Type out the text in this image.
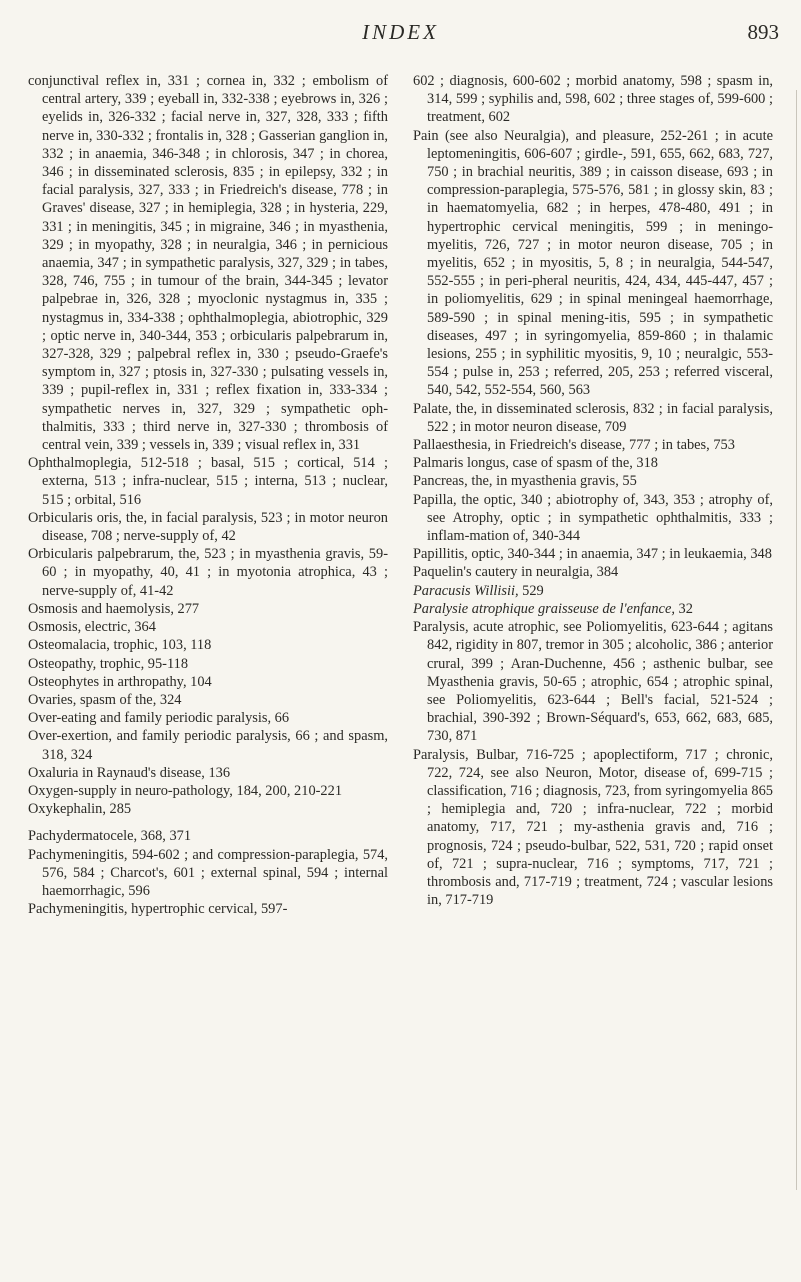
INDEX	893

conjunctival reflex in, 331 ; cornea in, 332 ; embolism of central artery, 339 ; eyeball in, 332-338 ; eyebrows in, 326 ; eyelids in, 326-332 ; facial nerve in, 327, 328, 333 ; fifth nerve in, 330-332 ; frontalis in, 328 ; Gasserian ganglion in, 332 ; in anaemia, 346-348 ; in chlorosis, 347 ; in chorea, 346 ; in disseminated sclerosis, 835 ; in epilepsy, 332 ; in facial paralysis, 327, 333 ; in Friedreich's disease, 778 ; in Graves' disease, 327 ; in hemiplegia, 328 ; in hysteria, 229, 331 ; in meningitis, 345 ; in migraine, 346 ; in myasthenia, 329 ; in myopathy, 328 ; in neuralgia, 346 ; in pernicious anaemia, 347 ; in sympathetic paralysis, 327, 329 ; in tabes, 328, 746, 755 ; in tumour of the brain, 344-345 ; levator palpebrae in, 326, 328 ; myoclonic nystagmus in, 335 ; nystagmus in, 334-338 ; ophthalmoplegia, abiotrophic, 329 ; optic nerve in, 340-344, 353 ; orbicularis palpebrarum in, 327-328, 329 ; palpebral reflex in, 330 ; pseudo-Graefe's symptom in, 327 ; ptosis in, 327-330 ; pulsating vessels in, 339 ; pupil-reflex in, 331 ; reflex fixation in, 333-334 ; sympathetic nerves in, 327, 329 ; sympathetic oph-thalmitis, 333 ; third nerve in, 327-330 ; thrombosis of central vein, 339 ; vessels in, 339 ; visual reflex in, 331

Ophthalmoplegia, 512-518 ; basal, 515 ; cortical, 514 ; externa, 513 ; infra-nuclear, 515 ; interna, 513 ; nuclear, 515 ; orbital, 516

Orbicularis oris, the, in facial paralysis, 523 ; in motor neuron disease, 708 ; nerve-supply of, 42

Orbicularis palpebrarum, the, 523 ; in myasthenia gravis, 59-60 ; in myopathy, 40, 41 ; in myotonia atrophica, 43 ; nerve-supply of, 41-42

Osmosis and haemolysis, 277

Osmosis, electric, 364

Osteomalacia, trophic, 103, 118

Osteopathy, trophic, 95-118

Osteophytes in arthropathy, 104

Ovaries, spasm of the, 324

Over-eating and family periodic paralysis, 66

Over-exertion, and family periodic paralysis, 66 ; and spasm, 318, 324

Oxaluria in Raynaud's disease, 136

Oxygen-supply in neuro-pathology, 184, 200, 210-221

Oxykephalin, 285

Pachydermatocele, 368, 371

Pachymeningitis, 594-602 ; and compression-paraplegia, 574, 576, 584 ; Charcot's, 601 ; external spinal, 594 ; internal haemorrhagic, 596

Pachymeningitis, hypertrophic cervical, 597-

602 ; diagnosis, 600-602 ; morbid anatomy, 598 ; spasm in, 314, 599 ; syphilis and, 598, 602 ; three stages of, 599-600 ; treatment, 602

Pain (see also Neuralgia), and pleasure, 252-261 ; in acute leptomeningitis, 606-607 ; girdle-, 591, 655, 662, 683, 727, 750 ; in brachial neuritis, 389 ; in caisson disease, 693 ; in compression-paraplegia, 575-576, 581 ; in glossy skin, 83 ; in haematomyelia, 682 ; in herpes, 478-480, 491 ; in hypertrophic cervical meningitis, 599 ; in meningo-myelitis, 726, 727 ; in motor neuron disease, 705 ; in myelitis, 652 ; in myositis, 5, 8 ; in neuralgia, 544-547, 552-555 ; in peri-pheral neuritis, 424, 434, 445-447, 457 ; in poliomyelitis, 629 ; in spinal meningeal haemorrhage, 589-590 ; in spinal mening-itis, 595 ; in sympathetic diseases, 497 ; in syringomyelia, 859-860 ; in thalamic lesions, 255 ; in syphilitic myositis, 9, 10 ; neuralgic, 553-554 ; pulse in, 253 ; referred, 205, 253 ; referred visceral, 540, 542, 552-554, 560, 563

Palate, the, in disseminated sclerosis, 832 ; in facial paralysis, 522 ; in motor neuron disease, 709

Pallaesthesia, in Friedreich's disease, 777 ; in tabes, 753

Palmaris longus, case of spasm of the, 318

Pancreas, the, in myasthenia gravis, 55

Papilla, the optic, 340 ; abiotrophy of, 343, 353 ; atrophy of, see Atrophy, optic ; in sympathetic ophthalmitis, 333 ; inflam-mation of, 340-344

Papillitis, optic, 340-344 ; in anaemia, 347 ; in leukaemia, 348

Paquelin's cautery in neuralgia, 384

Paracusis Willisii, 529

Paralysie atrophique graisseuse de l'enfance, 32

Paralysis, acute atrophic, see Poliomyelitis, 623-644 ; agitans 842, rigidity in 807, tremor in 305 ; alcoholic, 386 ; anterior crural, 399 ; Aran-Duchenne, 456 ; asthenic bulbar, see Myasthenia gravis, 50-65 ; atrophic, 654 ; atrophic spinal, see Poliomyelitis, 623-644 ; Bell's facial, 521-524 ; brachial, 390-392 ; Brown-Séquard's, 653, 662, 683, 685, 730, 871

Paralysis, Bulbar, 716-725 ; apoplectiform, 717 ; chronic, 722, 724, see also Neuron, Motor, disease of, 699-715 ; classification, 716 ; diagnosis, 723, from syringomyelia 865 ; hemiplegia and, 720 ; infra-nuclear, 722 ; morbid anatomy, 717, 721 ; my-asthenia gravis and, 716 ; prognosis, 724 ; pseudo-bulbar, 522, 531, 720 ; rapid onset of, 721 ; supra-nuclear, 716 ; symptoms, 717, 721 ; thrombosis and, 717-719 ; treatment, 724 ; vascular lesions in, 717-719
